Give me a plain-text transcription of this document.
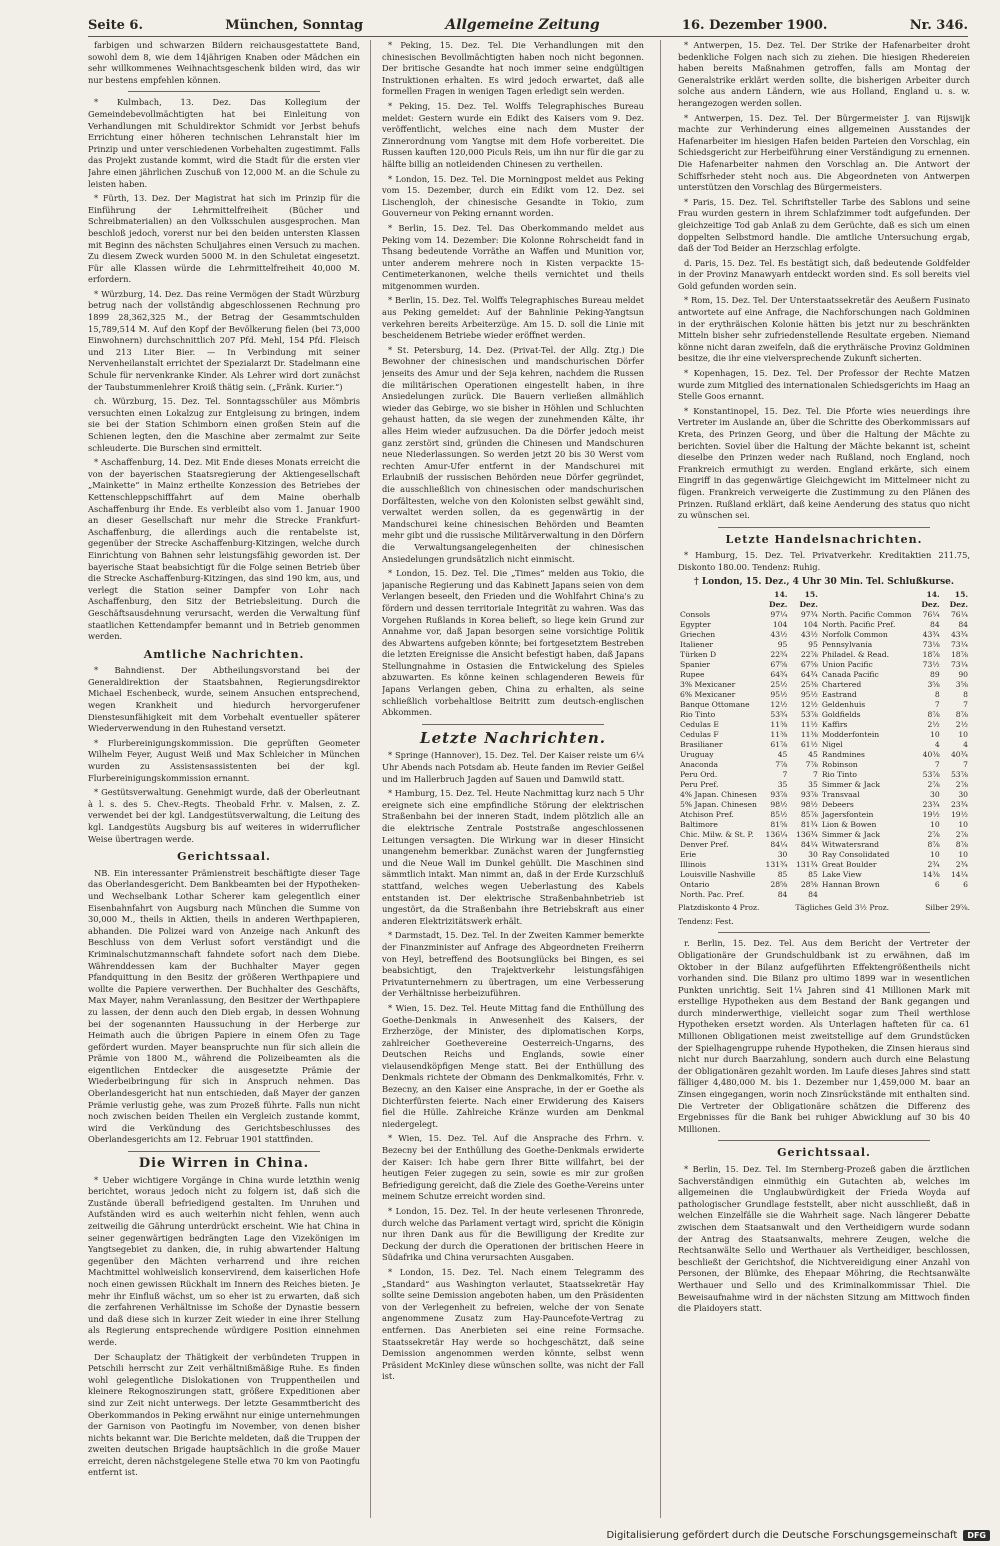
Seite 6.	München, Sonntag	Allgemeine Zeitung	16. Dezember 1900.	Nr. 346.

farbigen und schwarzen Bildern reichausgestattete Band, sowohl dem 8, wie dem 14jährigen Knaben oder Mädchen ein sehr willkommenes Weihnachtsgeschenk bilden wird, das wir nur bestens empfehlen können.

* Kulmbach, 13. Dez. Das Kollegium der Gemeindebevollmächtigten hat bei Einleitung von Verhandlungen mit Schuldirektor Schmidt vor Jerbst behufs Errichtung einer höheren technischen Lehranstalt hier im Prinzip und unter verschiedenen Vorbehalten zugestimmt. Falls das Projekt zustande kommt, wird die Stadt für die ersten vier Jahre einen jährlichen Zuschuß von 12,000 M. an die Schule zu leisten haben.

* Fürth, 13. Dez. Der Magistrat hat sich im Prinzip für die Einführung der Lehrmittelfreiheit (Bücher und Schreibmaterialien) an den Volksschulen ausgesprochen. Man beschloß jedoch, vorerst nur bei den beiden untersten Klassen mit Beginn des nächsten Schuljahres einen Versuch zu machen. Zu diesem Zweck wurden 5000 M. in den Schuletat eingesetzt. Für alle Klassen würde die Lehrmittelfreiheit 40,000 M. erfordern.

* Würzburg, 14. Dez. Das reine Vermögen der Stadt Würzburg betrug nach der vollständig abgeschlossenen Rechnung pro 1899 28,362,325 M., der Betrag der Gesammtschulden 15,789,514 M. Auf den Kopf der Bevölkerung fielen (bei 73,000 Einwohnern) durchschnittlich 207 Pfd. Mehl, 154 Pfd. Fleisch und 213 Liter Bier. — In Verbindung mit seiner Nervenheilanstalt errichtet der Spezialarzt Dr. Stadelmann eine Schule für nervenkranke Kinder. Als Lehrer wird dort zunächst der Taubstummenlehrer Kroiß thätig sein. („Fränk. Kurier.“)

ch. Würzburg, 15. Dez. Tel. Sonntagsschüler aus Mömbris versuchten einen Lokalzug zur Entgleisung zu bringen, indem sie bei der Station Schimborn einen großen Stein auf die Schienen legten, den die Maschine aber zermalmt zur Seite schleuderte. Die Burschen sind ermittelt.

* Aschaffenburg, 14. Dez. Mit Ende dieses Monats erreicht die von der bayerischen Staatsregierung der Aktiengesellschaft „Mainkette“ in Mainz ertheilte Konzession des Betriebes der Kettenschleppschifffahrt auf dem Maine oberhalb Aschaffenburg ihr Ende. Es verbleibt also vom 1. Januar 1900 an dieser Gesellschaft nur mehr die Strecke Frankfurt-Aschaffenburg, die allerdings auch die rentabelste ist, gegenüber der Strecke Aschaffenburg-Kitzingen, welche durch Einrichtung von Bahnen sehr leistungsfähig geworden ist. Der bayerische Staat beabsichtigt für die Folge seinen Betrieb über die Strecke Aschaffenburg-Kitzingen, das sind 190 km, aus, und verlegt die Station seiner Dampfer von Lohr nach Aschaffenburg, den Sitz der Betriebsleitung. Durch die Geschäftsausdehnung verursacht, werden die Verwaltung fünf staatlichen Kettendampfer bemannt und in Betrieb genommen werden.

Amtliche Nachrichten.

* Bahndienst. Der Abtheilungsvorstand bei der Generaldirektion der Staatsbahnen, Regierungsdirektor Michael Eschenbeck, wurde, seinem Ansuchen entsprechend, wegen Krankheit und hiedurch hervorgerufener Dienstesunfähigkeit mit dem Vorbehalt eventueller späterer Wiederverwendung in den Ruhestand versetzt.

* Flurbereinigungskommission. Die geprüften Geometer Wilhelm Feyer, August Weiß und Max Schleicher in München wurden zu Assistensassistenten bei der kgl. Flurbereinigungskommission ernannt.

* Gestütsverwaltung. Genehmigt wurde, daß der Oberleutnant à l. s. des 5. Chev.-Regts. Theobald Frhr. v. Malsen, z. Z. verwendet bei der kgl. Landgestütsverwaltung, die Leitung des kgl. Landgestüts Augsburg bis auf weiteres in widerruflicher Weise übertragen werde.

Gerichtssaal.

NB. Ein interessanter Prämienstreit beschäftigte dieser Tage das Oberlandesgericht. Dem Bankbeamten bei der Hypotheken- und Wechselbank Lothar Scherer kam gelegentlich einer Eisenbahnfahrt von Augsburg nach München die Summe von 30,000 M., theils in Aktien, theils in anderen Werthpapieren, abhanden. Die Polizei ward von Anzeige nach Ankunft des Beschluss von dem Verlust sofort verständigt und die Kriminalschutzmannschaft fahndete sofort nach dem Diebe. Währenddessen kam der Buchhalter Mayer gegen Pfandquittung in den Besitz der größeren Werthpapiere und wollte die Papiere verwerthen. Der Buchhalter des Geschäfts, Max Mayer, nahm Veranlassung, den Besitzer der Werthpapiere zu lassen, der denn auch den Dieb ergab, in dessen Wohnung bei der sogenannten Haussuchung in der Herberge zur Heimath auch die übrigen Papiere in einem Ofen zu Tage gefördert wurden. Mayer beanspruchte nun für sich allein die Prämie von 1800 M., während die Polizeibeamten als die eigentlichen Entdecker die ausgesetzte Prämie der Wiederbeibringung für sich in Anspruch nehmen. Das Oberlandesgericht hat nun entschieden, daß Mayer der ganzen Prämie verlustig gehe, was zum Prozeß führte. Falls nun nicht noch zwischen beiden Theilen ein Vergleich zustande kommt, wird die Verkündung des Gerichtsbeschlusses des Oberlandesgerichts am 12. Februar 1901 stattfinden.

Die Wirren in China.

* Ueber wichtigere Vorgänge in China wurde letzthin wenig berichtet, woraus jedoch nicht zu folgern ist, daß sich die Zustände überall befriedigend gestalten. Im Unruhen und Aufständen wird es auch weiterhin nicht fehlen, wenn auch zeitweilig die Gährung unterdrückt erscheint. Wie hat China in seiner gegenwärtigen bedrängten Lage den Vizekönigen im Yangtsegebiet zu danken, die, in ruhig abwartender Haltung gegenüber den Mächten verharrend und ihre reichen Machtmittel wohlweislich konservirend, dem kaiserlichen Hofe noch einen gewissen Rückhalt im Innern des Reiches bieten. Je mehr ihr Einfluß wächst, um so eher ist zu erwarten, daß sich die zerfahrenen Verhältnisse im Schoße der Dynastie bessern und daß diese sich in kurzer Zeit wieder in eine ihrer Stellung als Regierung entsprechende würdigere Position einnehmen werde.

Der Schauplatz der Thätigkeit der verbündeten Truppen in Petschili herrscht zur Zeit verhältnißmäßige Ruhe. Es finden wohl gelegentliche Dislokationen von Truppentheilen und kleinere Rekognoszirungen statt, größere Expeditionen aber sind zur Zeit nicht unterwegs. Der letzte Gesammtbericht des Oberkommandos in Peking erwähnt nur einige unternehmungen der Garnison von Paotingfu im November, von denen bisher nichts bekannt war. Die Berichte meldeten, daß die Truppen der zweiten deutschen Brigade hauptsächlich in die große Mauer erreicht, deren nächstgelegene Stelle etwa 70 km von Paotingfu entfernt ist.

* Peking, 15. Dez. Tel. Die Verhandlungen mit den chinesischen Bevollmächtigten haben noch nicht begonnen. Der britische Gesandte hat noch immer seine endgültigen Instruktionen erhalten. Es wird jedoch erwartet, daß alle formellen Fragen in wenigen Tagen erledigt sein werden.

* Peking, 15. Dez. Tel. Wolffs Telegraphisches Bureau meldet: Gestern wurde ein Edikt des Kaisers vom 9. Dez. veröffentlicht, welches eine nach dem Muster der Zinnerordnung vom Yangtse mit dem Hofe vorbereitet. Die Russen kauften 120,000 Piculs Reis, um ihn nur für die gar zu hälfte billig an notleidenden Chinesen zu vertheilen.

* London, 15. Dez. Tel. Die Morningpost meldet aus Peking vom 15. Dezember, durch ein Edikt vom 12. Dez. sei Lischengloh, der chinesische Gesandte in Tokio, zum Gouverneur von Peking ernannt worden.

* Berlin, 15. Dez. Tel. Das Oberkommando meldet aus Peking vom 14. Dezember: Die Kolonne Rohrscheidt fand in Thsang bedeutende Vorräthe an Waffen und Munition vor, unter anderem mehrere noch in Kisten verpackte 15-Centimeterkanonen, welche theils vernichtet und theils mitgenommen wurden.

* Berlin, 15. Dez. Tel. Wolffs Telegraphisches Bureau meldet aus Peking gemeldet: Auf der Bahnlinie Peking-Yangtsun verkehren bereits Arbeiterzüge. Am 15. D. soll die Linie mit bescheidenem Betriebe wieder eröffnet werden.

* St. Petersburg, 14. Dez. (Privat-Tel. der Allg. Ztg.) Die Bewohner der chinesischen und mandschurischen Dörfer jenseits des Amur und der Seja kehren, nachdem die Russen die militärischen Operationen eingestellt haben, in ihre Ansiedelungen zurück. Die Bauern verließen allmählich wieder das Gebirge, wo sie bisher in Höhlen und Schluchten gehaust hatten, da sie wegen der zunehmenden Kälte, ihr alles Heim wieder aufzusuchen. Da die Dörfer jedoch meist ganz zerstört sind, gründen die Chinesen und Mandschuren neue Niederlassungen. So werden jetzt 20 bis 30 Werst vom rechten Amur-Ufer entfernt in der Mandschurei mit Erlaubniß der russischen Behörden neue Dörfer gegründet, die ausschließlich von chinesischen oder mandschurischen Dorfältesten, welche von den Kolonisten selbst gewählt sind, verwaltet werden sollen, da es gegenwärtig in der Mandschurei keine chinesischen Behörden und Beamten mehr gibt und die russische Militärverwaltung in den Dörfern die Verwaltungsangelegenheiten der chinesischen Ansiedelungen grundsätzlich nicht einmischt.

* London, 15. Dez. Tel. Die „Times“ melden aus Tokio, die japanische Regierung und das Kabinett Japans seien von dem Verlangen beseelt, den Frieden und die Wohlfahrt China's zu fördern und dessen territoriale Integrität zu wahren. Was das Vorgehen Rußlands in Korea belieft, so liege kein Grund zur Annahme vor, daß Japan besorgen seine vorsichtige Politik des Abwartens aufgeben könnte; bei fortgesetztem Bestreben die letzten Ereignisse die Ansicht befestigt haben, daß Japans Stellungnahme in Ostasien die Entwickelung des Spieles abzuwarten. Es könne keinen schlagenderen Beweis für Japans Verlangen geben, China zu erhalten, als seine schließlich vorbehaltlose Beitritt zum deutsch-englischen Abkommen.

Letzte Nachrichten.

* Springe (Hannover), 15. Dez. Tel. Der Kaiser reiste um 6¼ Uhr Abends nach Potsdam ab. Heute fanden im Revier Geißel und im Hallerbruch Jagden auf Sauen und Damwild statt.

* Hamburg, 15. Dez. Tel. Heute Nachmittag kurz nach 5 Uhr ereignete sich eine empfindliche Störung der elektrischen Straßenbahn bei der inneren Stadt, indem plötzlich alle an die elektrische Zentrale Poststraße angeschlossenen Leitungen versagten. Die Wirkung war in dieser Hinsicht unangenehm bemerkbar. Zunächst waren der Jungfernstieg und die Neue Wall im Dunkel gehüllt. Die Maschinen sind sämmtlich intakt. Man nimmt an, daß in der Erde Kurzschluß stattfand, welches wegen Ueberlastung des Kabels entstanden ist. Der elektrische Straßenbahnbetrieb ist ungestört, da die Straßenbahn ihre Betriebskraft aus einer anderen Elektrizitätswerk erhält.

* Darmstadt, 15. Dez. Tel. In der Zweiten Kammer bemerkte der Finanzminister auf Anfrage des Abgeordneten Freiherrn von Heyl, betreffend des Bootsunglücks bei Bingen, es sei beabsichtigt, den Trajektverkehr leistungsfähigen Privatunternehmern zu übertragen, um eine Verbesserung der Verhältnisse herbeizuführen.

* Wien, 15. Dez. Tel. Heute Mittag fand die Enthüllung des Goethe-Denkmals in Anwesenheit des Kaisers, der Erzherzöge, der Minister, des diplomatischen Korps, zahlreicher Goethevereine Oesterreich-Ungarns, des Deutschen Reichs und Englands, sowie einer vielausendköpfigen Menge statt. Bei der Enthüllung des Denkmals richtete der Obmann des Denkmalkomités, Frhr. v. Bezecny, an den Kaiser eine Ansprache, in der er Goethe als Dichterfürsten feierte. Nach einer Erwiderung des Kaisers fiel die Hülle. Zahlreiche Kränze wurden am Denkmal niedergelegt.

* Wien, 15. Dez. Tel. Auf die Ansprache des Frhrn. v. Bezecny bei der Enthüllung des Goethe-Denkmals erwiderte der Kaiser: Ich habe gern Ihrer Bitte willfahrt, bei der heutigen Feier zugegen zu sein, sowie es mir zur großen Befriedigung gereicht, daß die Ziele des Goethe-Vereins unter meinem Schutze erreicht worden sind.

* London, 15. Dez. Tel. In der heute verlesenen Thronrede, durch welche das Parlament vertagt wird, spricht die Königin nur ihren Dank aus für die Bewilligung der Kredite zur Deckung der durch die Operationen der britischen Heere in Südafrika und China verursachten Ausgaben.

* London, 15. Dez. Tel. Nach einem Telegramm des „Standard“ aus Washington verlautet, Staatssekretär Hay sollte seine Demission angeboten haben, um den Präsidenten von der Verlegenheit zu befreien, welche der von Senate angenommene Zusatz zum Hay-Pauncefote-Vertrag zu entfernen. Das Anerbieten sei eine reine Formsache. Staatssekretär Hay werde so hochgeschätzt, daß seine Demission angenommen werden könnte, selbst wenn Präsident McKinley diese wünschen sollte, was nicht der Fall ist.

* Antwerpen, 15. Dez. Tel. Der Strike der Hafenarbeiter droht bedenkliche Folgen nach sich zu ziehen. Die hiesigen Rhedereien haben bereits Maßnahmen getroffen, falls am Montag der Generalstrike erklärt werden sollte, die bisherigen Arbeiter durch solche aus andern Ländern, wie aus Holland, England u. s. w. herangezogen werden sollen.

* Antwerpen, 15. Dez. Tel. Der Bürgermeister J. van Rijswijk machte zur Verhinderung eines allgemeinen Ausstandes der Hafenarbeiter im hiesigen Hafen beiden Parteien den Vorschlag, ein Schiedsgericht zur Herbeiführung einer Verständigung zu ernennen. Die Hafenarbeiter nahmen den Vorschlag an. Die Antwort der Schiffsrheder steht noch aus. Die Abgeordneten von Antwerpen unterstützen den Vorschlag des Bürgermeisters.

* Paris, 15. Dez. Tel. Schriftsteller Tarbe des Sablons und seine Frau wurden gestern in ihrem Schlafzimmer todt aufgefunden. Der gleichzeitige Tod gab Anlaß zu dem Gerüchte, daß es sich um einen doppelten Selbstmord handle. Die amtliche Untersuchung ergab, daß der Tod Beider an Herzschlag erfolgte.

d. Paris, 15. Dez. Tel. Es bestätigt sich, daß bedeutende Goldfelder in der Provinz Manawyarh entdeckt worden sind. Es soll bereits viel Gold gefunden worden sein.

* Rom, 15. Dez. Tel. Der Unterstaatssekretär des Aeußern Fusinato antwortete auf eine Anfrage, die Nachforschungen nach Goldminen in der erythräischen Kolonie hätten bis jetzt nur zu beschränkten Mitteln bisher sehr zufriedenstellende Resultate ergeben. Niemand könne nicht daran zweifeln, daß die erythräische Provinz Goldminen besitze, die ihr eine vielversprechende Zukunft sicherten.

* Kopenhagen, 15. Dez. Tel. Der Professor der Rechte Matzen wurde zum Mitglied des internationalen Schiedsgerichts im Haag an Stelle Goos ernannt.

* Konstantinopel, 15. Dez. Tel. Die Pforte wies neuerdings ihre Vertreter im Auslande an, über die Schritte des Oberkommissars auf Kreta, des Prinzen Georg, und über die Haltung der Mächte zu berichten. Soviel über die Haltung der Mächte bekannt ist, scheint dieselbe den Prinzen weder nach Rußland, noch England, noch Frankreich ermuthigt zu werden. England erkärte, sich einem Eingriff in das gegenwärtige Gleichgewicht im Mittelmeer nicht zu fügen. Frankreich verweigerte die Zustimmung zu den Plänen des Prinzen. Rußland erklärt, daß keine Aenderung des status quo nicht zu wünschen sei.

Letzte Handelsnachrichten.

* Hamburg, 15. Dez. Tel. Privatverkehr. Kreditaktien 211.75, Diskonto 180.00. Tendenz: Ruhig.

† London, 15. Dez., 4 Uhr 30 Min. Tel. Schlußkurse.
	14. Dez.	15. Dez.		14. Dez.	15. Dez.
Consols	97¼	97¾	North. Pacific Common	76¼	76¼
Egypter	104	104	North. Pacific Pref.	84	84
Griechen	43½	43½	Norfolk Common	43¾	43¾
Italiener	95	95	Pennsylvania	73⅛	73¼
Türken D	22¾	22⅞	Philadel. & Read.	18⅞	18⅞
Spanier	67⅝	67⅝	Union Pacific	73½	73¼
Rupee	64¾	64¾	Canada Pacific	89	90
3% Mexicaner	25½	25⅜	Chartered	3⅝	3⅝
6% Mexicaner	95½	95½	Eastrand	8	8
Banque Ottomane	12½	12½	Geldenhuis	7	7
Rio Tinto	53¾	53⅞	Goldfields	8⅞	8⅞
Cedulas E	11⅜	11½	Kaffirs	2½	2½
Cedulas F	11⅜	11⅜	Modderfontein	10	10
Brasilianer	61⅞	61½	Nigel	4	4
Uruguay	45	45	Randmines	40⅜	40¾
Anaconda	7⅞	7⅞	Robinson	7	7
Peru Ord.	7	7	Rio Tinto	53⅞	53⅞
Peru Pref.	35	35	Simmer & Jack	2⅞	2⅞
4% Japan. Chinesen	93⅞	93⅞	Transvaal	30	30
5% Japan. Chinesen	98½	98½	Debeers	23¾	23¾
Atchison Pref.	85½	85⅞	Jagersfontein	19½	19½
Baltimore	81⅝	81¾	Lion & Bowen	10	10
Chic. Milw. & St. P.	136¼	136¾	Simmer & Jack	2⅞	2⅞
Denver Pref.	84¼	84¼	Witwatersrand	8⅞	8⅞
Erie	30	30	Ray Consolidated	10	10
Illinois	131¾	131¾	Great Boulder	2¾	2¾
Louisville Nashville	85	85	Lake View	14⅜	14¼
Ontario	28⅝	28⅝	Hannan Brown	6	6
North. Pac. Pref.	84	84			
Platzdiskonto 4 Proz.	Tägliches Geld 3½ Proz.	Silber 29⅝.
Tendenz: Fest.

r. Berlin, 15. Dez. Tel. Aus dem Bericht der Vertreter der Obligationäre der Grundschuldbank ist zu erwähnen, daß im Oktober in der Bilanz aufgeführten Effektengrößentheils nicht vorhanden sind. Die Bilanz pro ultimo 1899 war in wesentlichen Punkten unrichtig. Seit 1¼ Jahren sind 41 Millionen Mark mit erstellige Hypotheken aus dem Bestand der Bank gegangen und durch minderwerthige, vielleicht sogar zum Theil werthlose Hypotheken ersetzt worden. Als Unterlagen hafteten für ca. 61 Millionen Obligationen meist zweitstellige auf dem Grundstücken der Spielhagengruppe ruhende Hypotheken, die Zinsen hieraus sind nicht nur durch Baarzahlung, sondern auch durch eine Belastung der Obligationären gezahlt worden. Im Laufe dieses Jahres sind statt fälliger 4,480,000 M. bis 1. Dezember nur 1,459,000 M. baar an Zinsen eingegangen, worin noch Zinsrückstände mit enthalten sind. Die Vertreter der Obligationäre schätzen die Differenz des Ergebnisses für die Bank bei ruhiger Abwicklung auf 30 bis 40 Millionen.

Gerichtssaal.

* Berlin, 15. Dez. Tel. Im Sternberg-Prozeß gaben die ärztlichen Sachverständigen einmüthig ein Gutachten ab, welches im allgemeinen die Unglaubwürdigkeit der Frieda Woyda auf pathologischer Grundlage feststellt, aber nicht ausschließt, daß in welchen Einzelfälle sie die Wahrheit sage. Nach längerer Debatte zwischen dem Staatsanwalt und den Vertheidigern wurde sodann der Antrag des Staatsanwalts, mehrere Zeugen, welche die Rechtsanwälte Sello und Werthauer als Vertheidiger, beschlossen, beschließt der Gerichtshof, die Nichtvereidigung einer Anzahl von Personen, der Blümke, des Ehepaar Möhring, die Rechtsanwälte Werthauer und Sello und des Kriminalkommissar Thiel. Die Beweisaufnahme wird in der nächsten Sitzung am Mittwoch finden die Plaidoyers statt.

Digitalisierung gefördert durch die Deutsche Forschungsgemeinschaft	DFG
